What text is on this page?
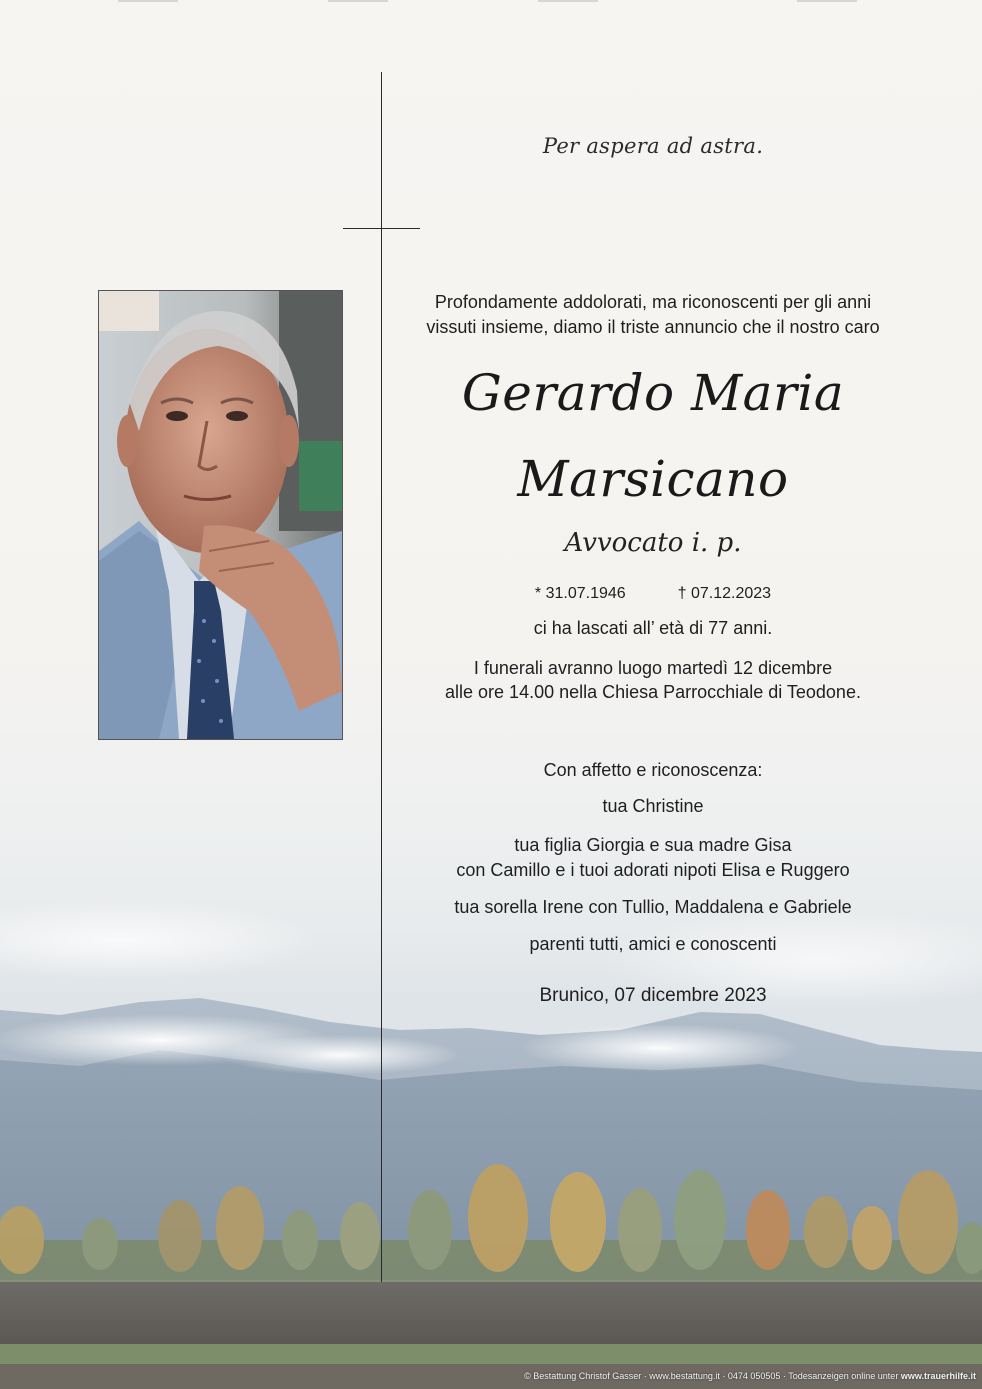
Per aspera ad astra.
Profondamente addolorati, ma riconoscenti per gli anni
vissuti insieme, diamo il triste annuncio che il nostro caro
Gerardo Maria
Marsicano
Avvocato i. p.
* 31.07.1946	† 07.12.2023
ci ha lascati all’ età di 77 anni.
I funerali avranno luogo martedì 12 dicembre
alle ore 14.00 nella Chiesa Parrocchiale di Teodone.
Con affetto e riconoscenza:
tua Christine
tua figlia Giorgia e sua madre Gisa
con Camillo e i tuoi adorati nipoti Elisa e Ruggero
tua sorella Irene con Tullio, Maddalena e Gabriele
parenti tutti, amici e conoscenti
Brunico, 07 dicembre 2023
© Bestattung Christof Gasser · www.bestattung.it · 0474 050505 · Todesanzeigen online unter www.trauerhilfe.it
